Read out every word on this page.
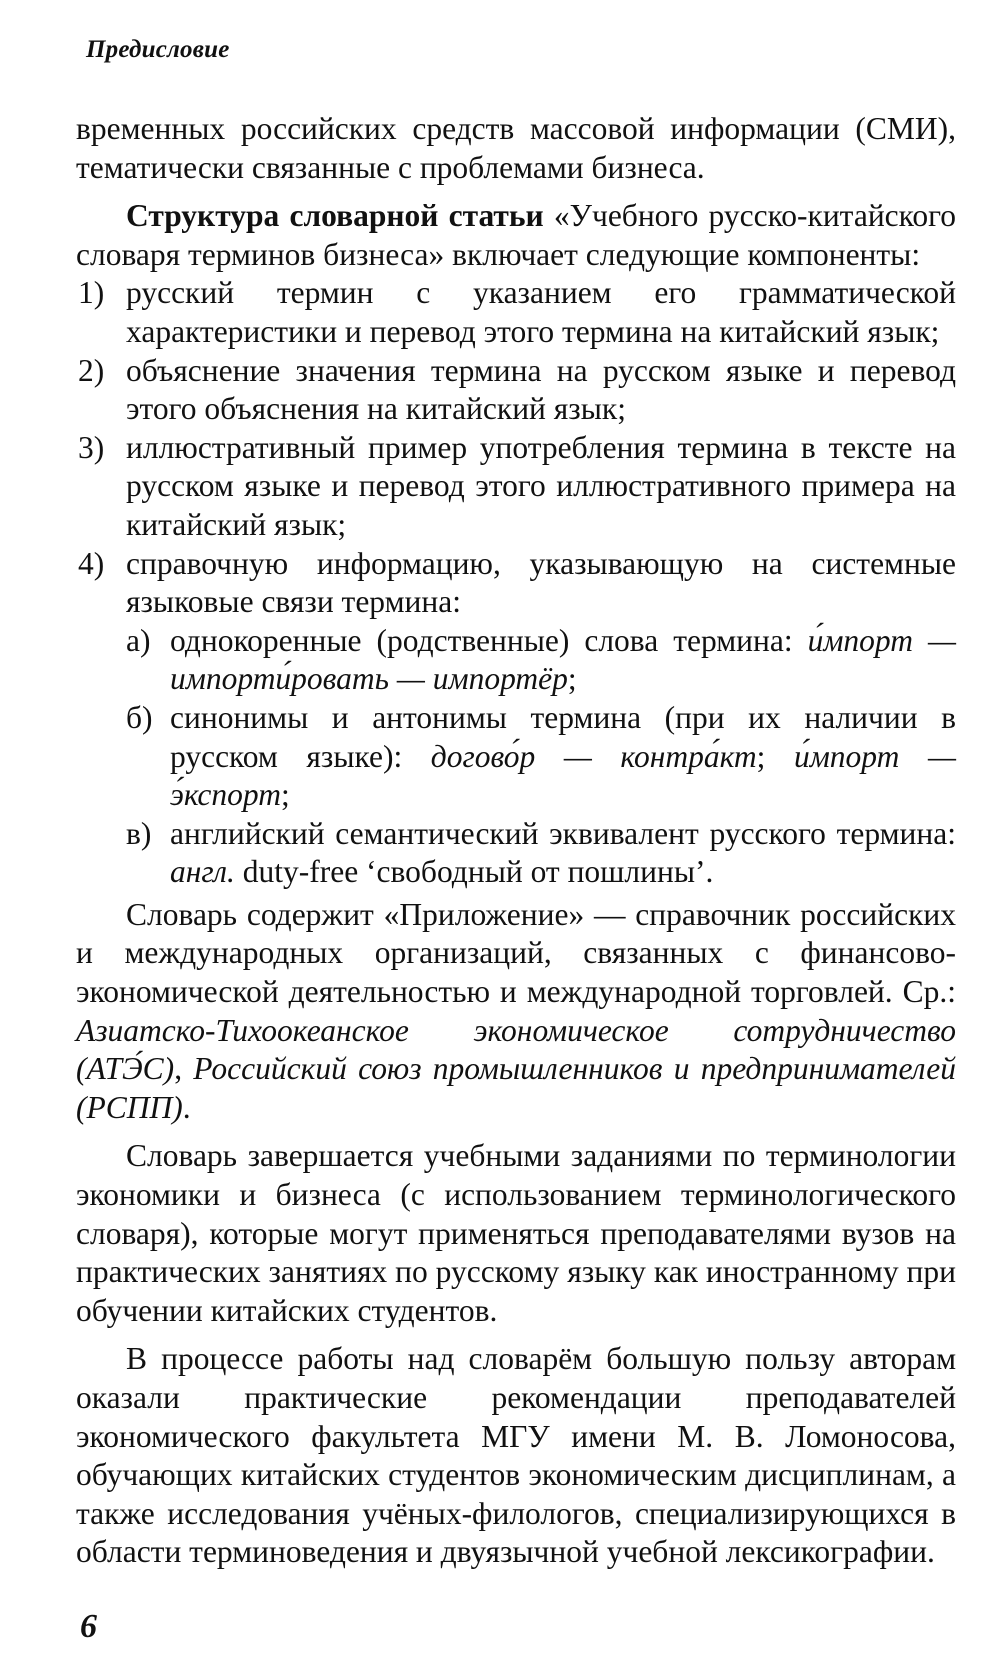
Предисловие

временных российских средств массовой информации (СМИ), тематически связанные с проблемами бизнеса.

Структура словарной статьи «Учебного русско-китайского словаря терминов бизнеса» включает следующие компоненты:

1) русский термин с указанием его грамматической характеристики и перевод этого термина на китайский язык;

2) объяснение значения термина на русском языке и перевод этого объяснения на китайский язык;

3) иллюстративный пример употребления термина в тексте на русском языке и перевод этого иллюстративного примера на китайский язык;

4) справочную информацию, указывающую на системные языковые связи термина:

а) однокоренные (родственные) слова термина: и́мпорт — импорти́ровать — импортёр;

б) синонимы и антонимы термина (при их наличии в русском языке): догово́р — контра́кт; и́мпорт — э́кспорт;

в) английский семантический эквивалент русского термина: англ. duty-free ‘свободный от пошлины’.

Словарь содержит «Приложение» — справочник российских и международных организаций, связанных с финансово-экономической деятельностью и международной торговлей. Ср.: Азиатско-Тихоокеанское экономическое сотрудничество (АТЭ́С), Российский союз промышленников и предпринимателей (РСПП).

Словарь завершается учебными заданиями по терминологии экономики и бизнеса (с использованием терминологического словаря), которые могут применяться преподавателями вузов на практических занятиях по русскому языку как иностранному при обучении китайских студентов.

В процессе работы над словарём большую пользу авторам оказали практические рекомендации преподавателей экономического факультета МГУ имени М. В. Ломоносова, обучающих китайских студентов экономическим дисциплинам, а также исследования учёных-филологов, специализирующихся в области терминоведения и двуязычной учебной лексикографии.

6
